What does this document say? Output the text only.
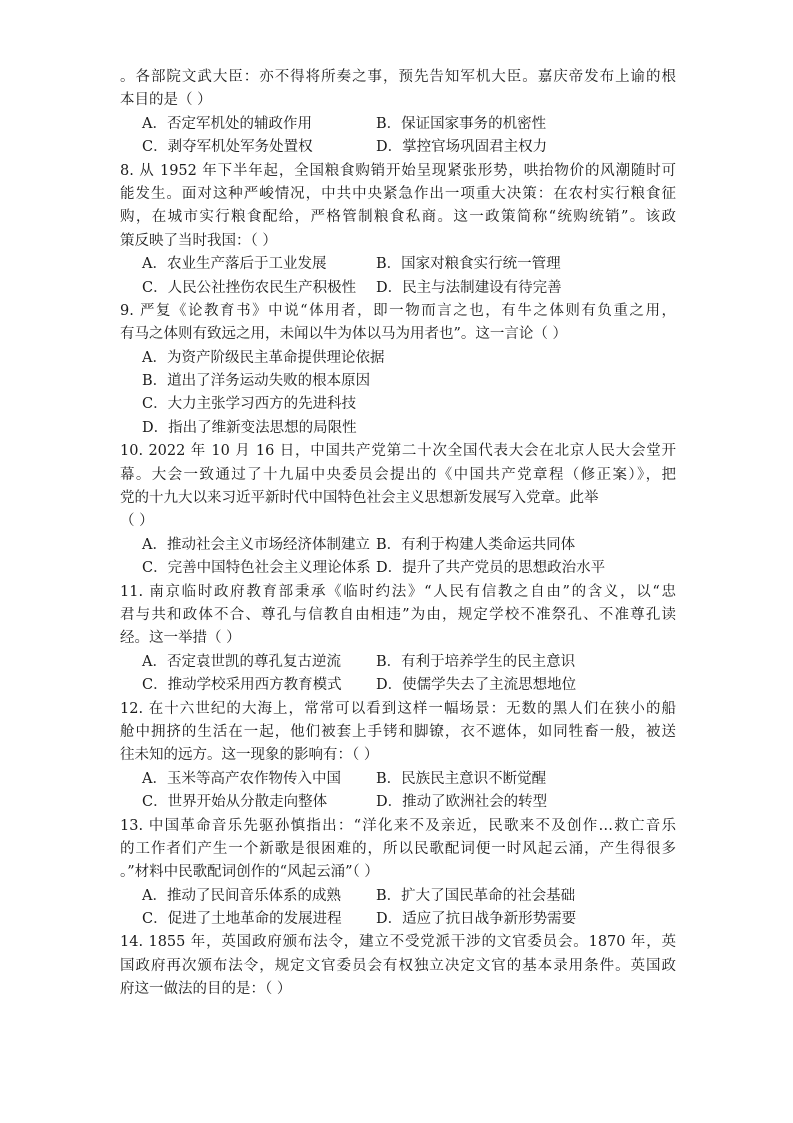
。各部院文武大臣：亦不得将所奏之事，预先告知军机大臣。嘉庆帝发布上谕的根
本目的是（ ）
A．否定军机处的辅政作用	B．保证国家事务的机密性
C．剥夺军机处军务处置权	D．掌控官场巩固君主权力
8. 从 1952 年下半年起，全国粮食购销开始呈现紧张形势，哄抬物价的风潮随时可
能发生。面对这种严峻情况，中共中央紧急作出一项重大决策：在农村实行粮食征
购，在城市实行粮食配给，严格管制粮食私商。这一政策简称“统购统销”。该政
策反映了当时我国：（ ）
A．农业生产落后于工业发展	B．国家对粮食实行统一管理
C．人民公社挫伤农民生产积极性	D．民主与法制建设有待完善
9. 严复《论教育书》中说“体用者，即一物而言之也，有牛之体则有负重之用，
有马之体则有致远之用，未闻以牛为体以马为用者也”。这一言论（ ）
A．为资产阶级民主革命提供理论依据
B．道出了洋务运动失败的根本原因
C．大力主张学习西方的先进科技
D．指出了维新变法思想的局限性
10. 2022 年 10 月 16 日，中国共产党第二十次全国代表大会在北京人民大会堂开
幕。大会一致通过了十九届中央委员会提出的《中国共产党章程（修正案）》，把
党的十九大以来习近平新时代中国特色社会主义思想新发展写入党章。此举
（ ）
A．推动社会主义市场经济体制建立 B．有利于构建人类命运共同体
C．完善中国特色社会主义理论体系 D．提升了共产党员的思想政治水平
11. 南京临时政府教育部秉承《临时约法》“人民有信教之自由”的含义，以“忠
君与共和政体不合、尊孔与信教自由相违”为由，规定学校不准祭孔、不准尊孔读
经。这一举措（ ）
A．否定袁世凯的尊孔复古逆流	B．有利于培养学生的民主意识
C．推动学校采用西方教育模式	D．使儒学失去了主流思想地位
12. 在十六世纪的大海上，常常可以看到这样一幅场景：无数的黑人们在狭小的船
舱中拥挤的生活在一起，他们被套上手铐和脚镣，衣不遮体，如同牲畜一般，被送
往未知的远方。这一现象的影响有：（ ）
A．玉米等高产农作物传入中国	B．民族民主意识不断觉醒
C．世界开始从分散走向整体	D．推动了欧洲社会的转型
13. 中国革命音乐先驱孙慎指出：“洋化来不及亲近，民歌来不及创作…救亡音乐
的工作者们产生一个新歌是很困难的，所以民歌配词便一时风起云涌，产生得很多
。”材料中民歌配词创作的“风起云涌”（ ）
A．推动了民间音乐体系的成熟	B．扩大了国民革命的社会基础
C．促进了土地革命的发展进程	D．适应了抗日战争新形势需要
14. 1855 年，英国政府颁布法令，建立不受党派干涉的文官委员会。1870 年，英
国政府再次颁布法令，规定文官委员会有权独立决定文官的基本录用条件。英国政
府这一做法的目的是：（ ）
